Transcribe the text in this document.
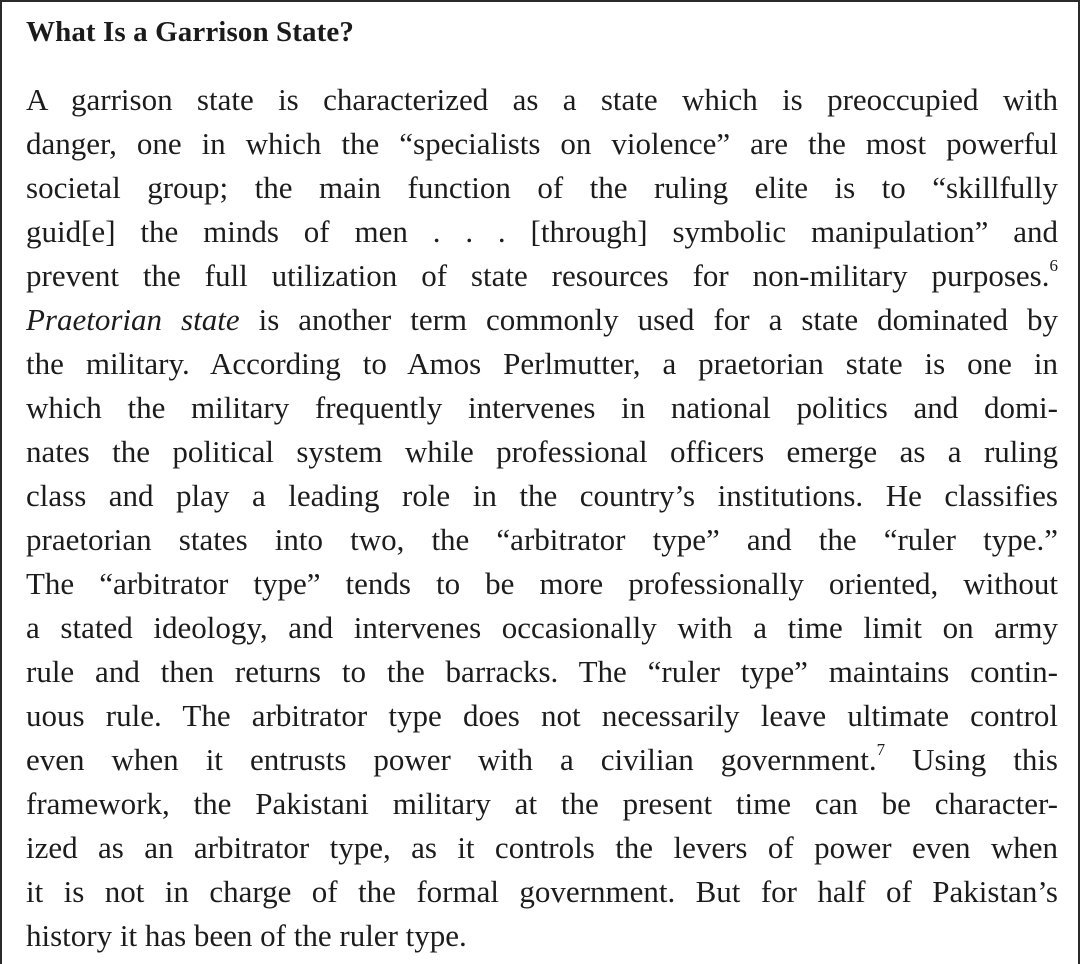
What Is a Garrison State?
A garrison state is characterized as a state which is preoccupied with
danger, one in which the “specialists on violence” are the most powerful
societal group; the main function of the ruling elite is to “skillfully
guid[e] the minds of men . . . [through] symbolic manipulation” and
prevent the full utilization of state resources for non-military purposes.$^6$
Praetorian state is another term commonly used for a state dominated by
the military. According to Amos Perlmutter, a praetorian state is one in
which the military frequently intervenes in national politics and domi-
nates the political system while professional officers emerge as a ruling
class and play a leading role in the country’s institutions. He classifies
praetorian states into two, the “arbitrator type” and the “ruler type.”
The “arbitrator type” tends to be more professionally oriented, without
a stated ideology, and intervenes occasionally with a time limit on army
rule and then returns to the barracks. The “ruler type” maintains contin-
uous rule. The arbitrator type does not necessarily leave ultimate control
even when it entrusts power with a civilian government.$^7$ Using this
framework, the Pakistani military at the present time can be character-
ized as an arbitrator type, as it controls the levers of power even when
it is not in charge of the formal government. But for half of Pakistan’s
history it has been of the ruler type.
